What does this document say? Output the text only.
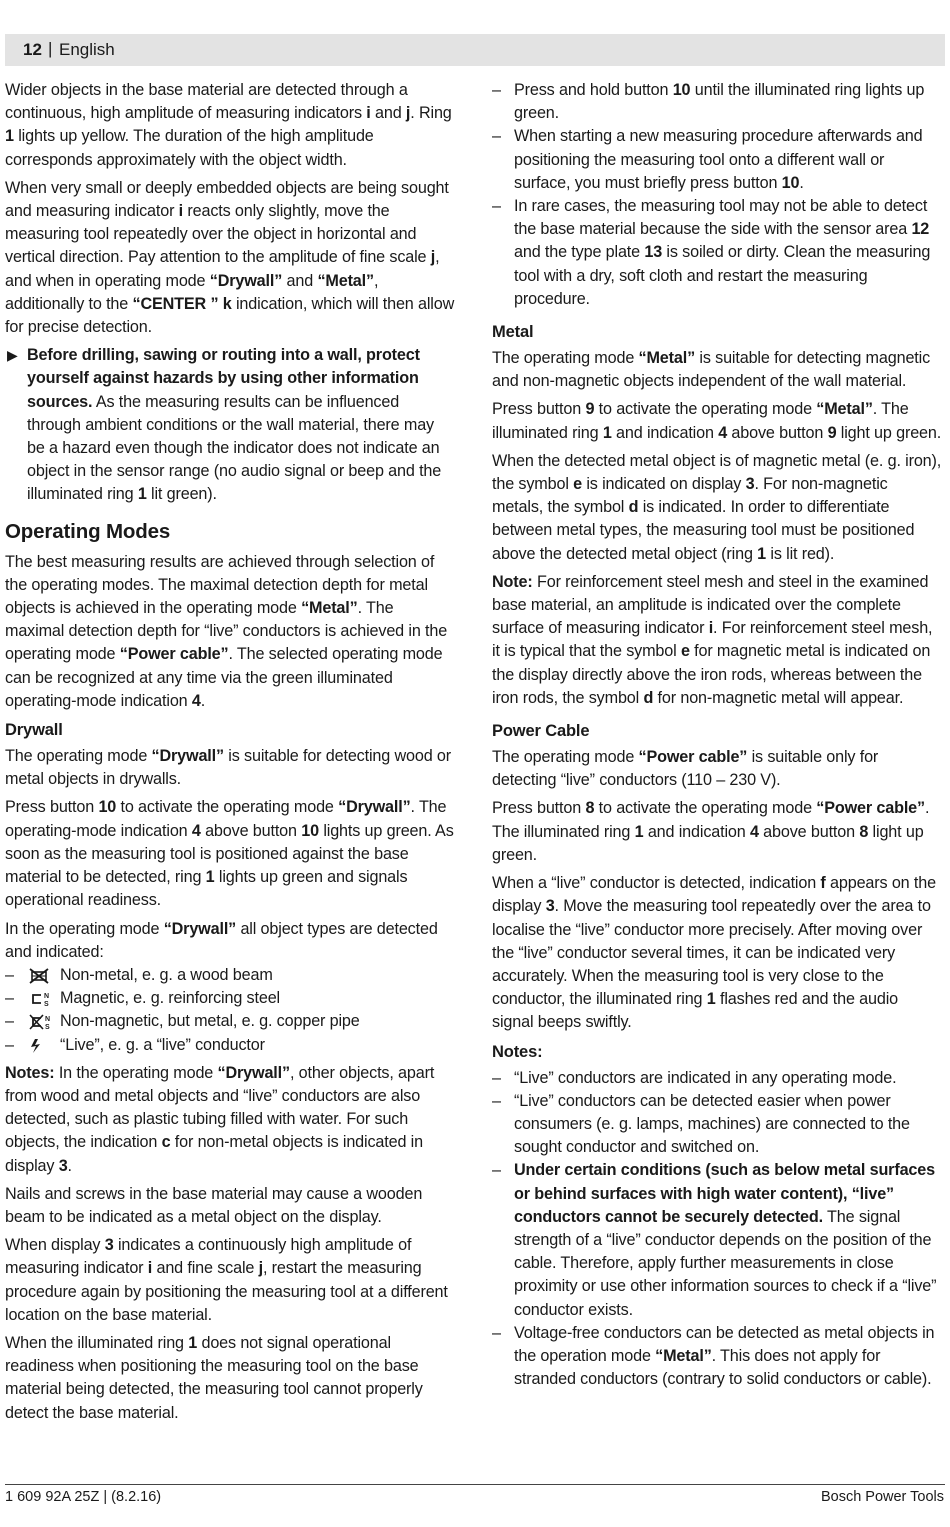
12 | English

Wider objects in the base material are detected through a continuous, high amplitude of measuring indicators i and j. Ring 1 lights up yellow. The duration of the high amplitude corresponds approximately with the object width.

When very small or deeply embedded objects are being sought and measuring indicator i reacts only slightly, move the measuring tool repeatedly over the object in horizontal and vertical direction. Pay attention to the amplitude of fine scale j, and when in operating mode “Drywall” and “Metal”, additionally to the “CENTER ” k indication, which will then allow for precise detection.

▶ Before drilling, sawing or routing into a wall, protect yourself against hazards by using other information sources. As the measuring results can be influenced through ambient conditions or the wall material, there may be a hazard even though the indicator does not indicate an object in the sensor range (no audio signal or beep and the illuminated ring 1 lit green).
Operating Modes

The best measuring results are achieved through selection of the operating modes. The maximal detection depth for metal objects is achieved in the operating mode “Metal”. The maximal detection depth for “live” conductors is achieved in the operating mode “Power cable”. The selected operating mode can be recognized at any time via the green illuminated operating-mode indication 4.

Drywall

The operating mode “Drywall” is suitable for detecting wood or metal objects in drywalls.

Press button 10 to activate the operating mode “Drywall”. The operating-mode indication 4 above button 10 lights up green. As soon as the measuring tool is positioned against the base material to be detected, ring 1 lights up green and signals operational readiness.

In the operating mode “Drywall” all object types are detected and indicated:

–	Non-metal, e. g. a wood beam
–	N
S Magnetic, e. g. reinforcing steel
–	N
S Non-magnetic, but metal, e. g. copper pipe
–	“Live”, e. g. a “live” conductor

Notes: In the operating mode “Drywall”, other objects, apart from wood and metal objects and “live” conductors are also detected, such as plastic tubing filled with water. For such objects, the indication c for non-metal objects is indicated in display 3.

Nails and screws in the base material may cause a wooden beam to be indicated as a metal object on the display.

When display 3 indicates a continuously high amplitude of measuring indicator i and fine scale j, restart the measuring procedure again by positioning the measuring tool at a different location on the base material.

When the illuminated ring 1 does not signal operational readiness when positioning the measuring tool on the base material being detected, the measuring tool cannot properly detect the base material.

– Press and hold button 10 until the illuminated ring lights up green.
– When starting a new measuring procedure afterwards and positioning the measuring tool onto a different wall or surface, you must briefly press button 10.
– In rare cases, the measuring tool may not be able to detect the base material because the side with the sensor area 12 and the type plate 13 is soiled or dirty. Clean the measuring tool with a dry, soft cloth and restart the measuring procedure.
Metal

The operating mode “Metal” is suitable for detecting magnetic and non-magnetic objects independent of the wall material.

Press button 9 to activate the operating mode “Metal”. The illuminated ring 1 and indication 4 above button 9 light up green.

When the detected metal object is of magnetic metal (e. g. iron), the symbol e is indicated on display 3. For non-magnetic metals, the symbol d is indicated. In order to differentiate between metal types, the measuring tool must be positioned above the detected metal object (ring 1 is lit red).

Note: For reinforcement steel mesh and steel in the examined base material, an amplitude is indicated over the complete surface of measuring indicator i. For reinforcement steel mesh, it is typical that the symbol e for magnetic metal is indicated on the display directly above the iron rods, whereas between the iron rods, the symbol d for non-magnetic metal will appear.

Power Cable

The operating mode “Power cable” is suitable only for detecting “live” conductors (110 – 230 V).

Press button 8 to activate the operating mode “Power cable”. The illuminated ring 1 and indication 4 above button 8 light up green.

When a “live” conductor is detected, indication f appears on the display 3. Move the measuring tool repeatedly over the area to localise the “live” conductor more precisely. After moving over the “live” conductor several times, it can be indicated very accurately. When the measuring tool is very close to the conductor, the illuminated ring 1 flashes red and the audio signal beeps swiftly.

Notes:
– “Live” conductors are indicated in any operating mode.
– “Live” conductors can be detected easier when power consumers (e. g. lamps, machines) are connected to the sought conductor and switched on.
– Under certain conditions (such as below metal surfaces or behind surfaces with high water content), “live” conductors cannot be securely detected. The signal strength of a “live” conductor depends on the position of the cable. Therefore, apply further measurements in close proximity or use other information sources to check if a “live” conductor exists.
– Voltage-free conductors can be detected as metal objects in the operation mode “Metal”. This does not apply for stranded conductors (contrary to solid conductors or cable).
1 609 92A 25Z | (8.2.16)	Bosch Power Tools
